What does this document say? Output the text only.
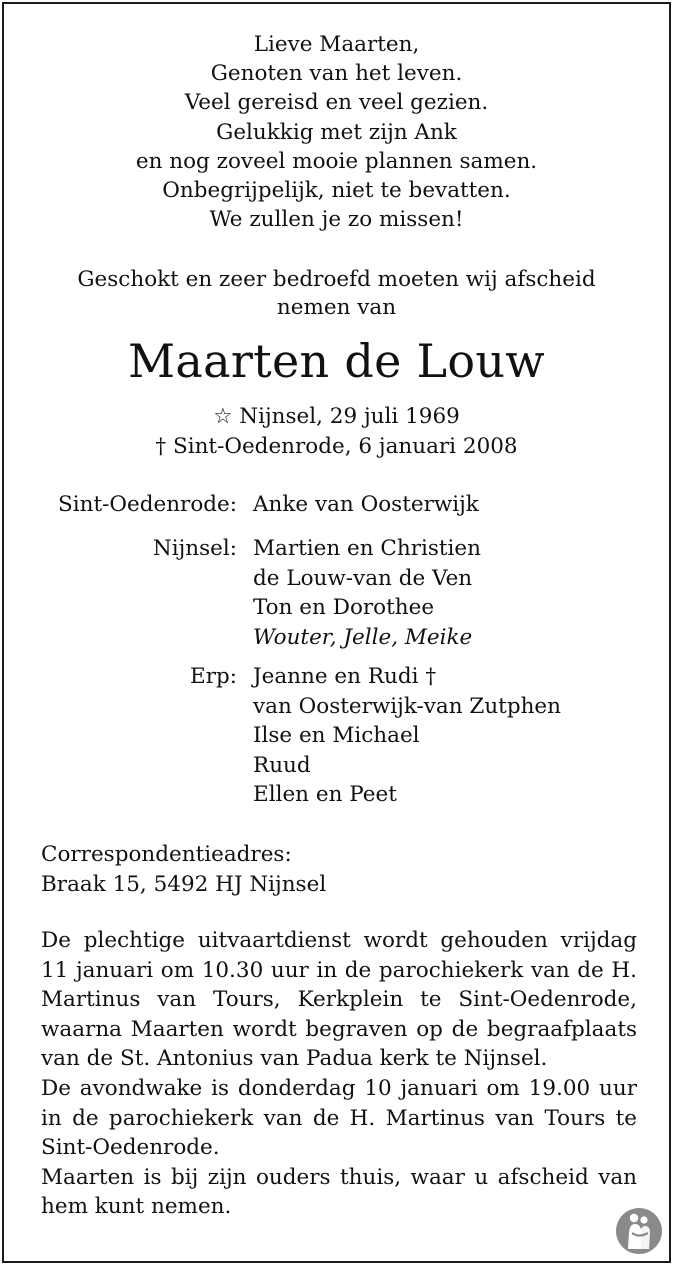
Lieve Maarten,
Genoten van het leven.
Veel gereisd en veel gezien.
Gelukkig met zijn Ank
en nog zoveel mooie plannen samen.
Onbegrijpelijk, niet te bevatten.
We zullen je zo missen!
Geschokt en zeer bedroefd moeten wij afscheid
nemen van
Maarten de Louw
☆ Nijnsel, 29 juli 1969
† Sint-Oedenrode, 6 januari 2008
Sint-Oedenrode: Anke van Oosterwijk
Nijnsel: Martien en Christien
de Louw-van de Ven
Ton en Dorothee
Wouter, Jelle, Meike
Erp: Jeanne en Rudi †
van Oosterwijk-van Zutphen
Ilse en Michael
Ruud
Ellen en Peet
Correspondentieadres:
Braak 15, 5492 HJ Nijnsel

De plechtige uitvaartdienst wordt gehouden vrijdag 11 januari om 10.30 uur in de parochiekerk van de H. Martinus van Tours, Kerkplein te Sint-Oedenrode, waarna Maarten wordt begraven op de begraafplaats van de St. Antonius van Padua kerk te Nijnsel.

De avondwake is donderdag 10 januari om 19.00 uur in de parochiekerk van de H. Martinus van Tours te Sint-Oedenrode.

Maarten is bij zijn ouders thuis, waar u afscheid van hem kunt nemen.
